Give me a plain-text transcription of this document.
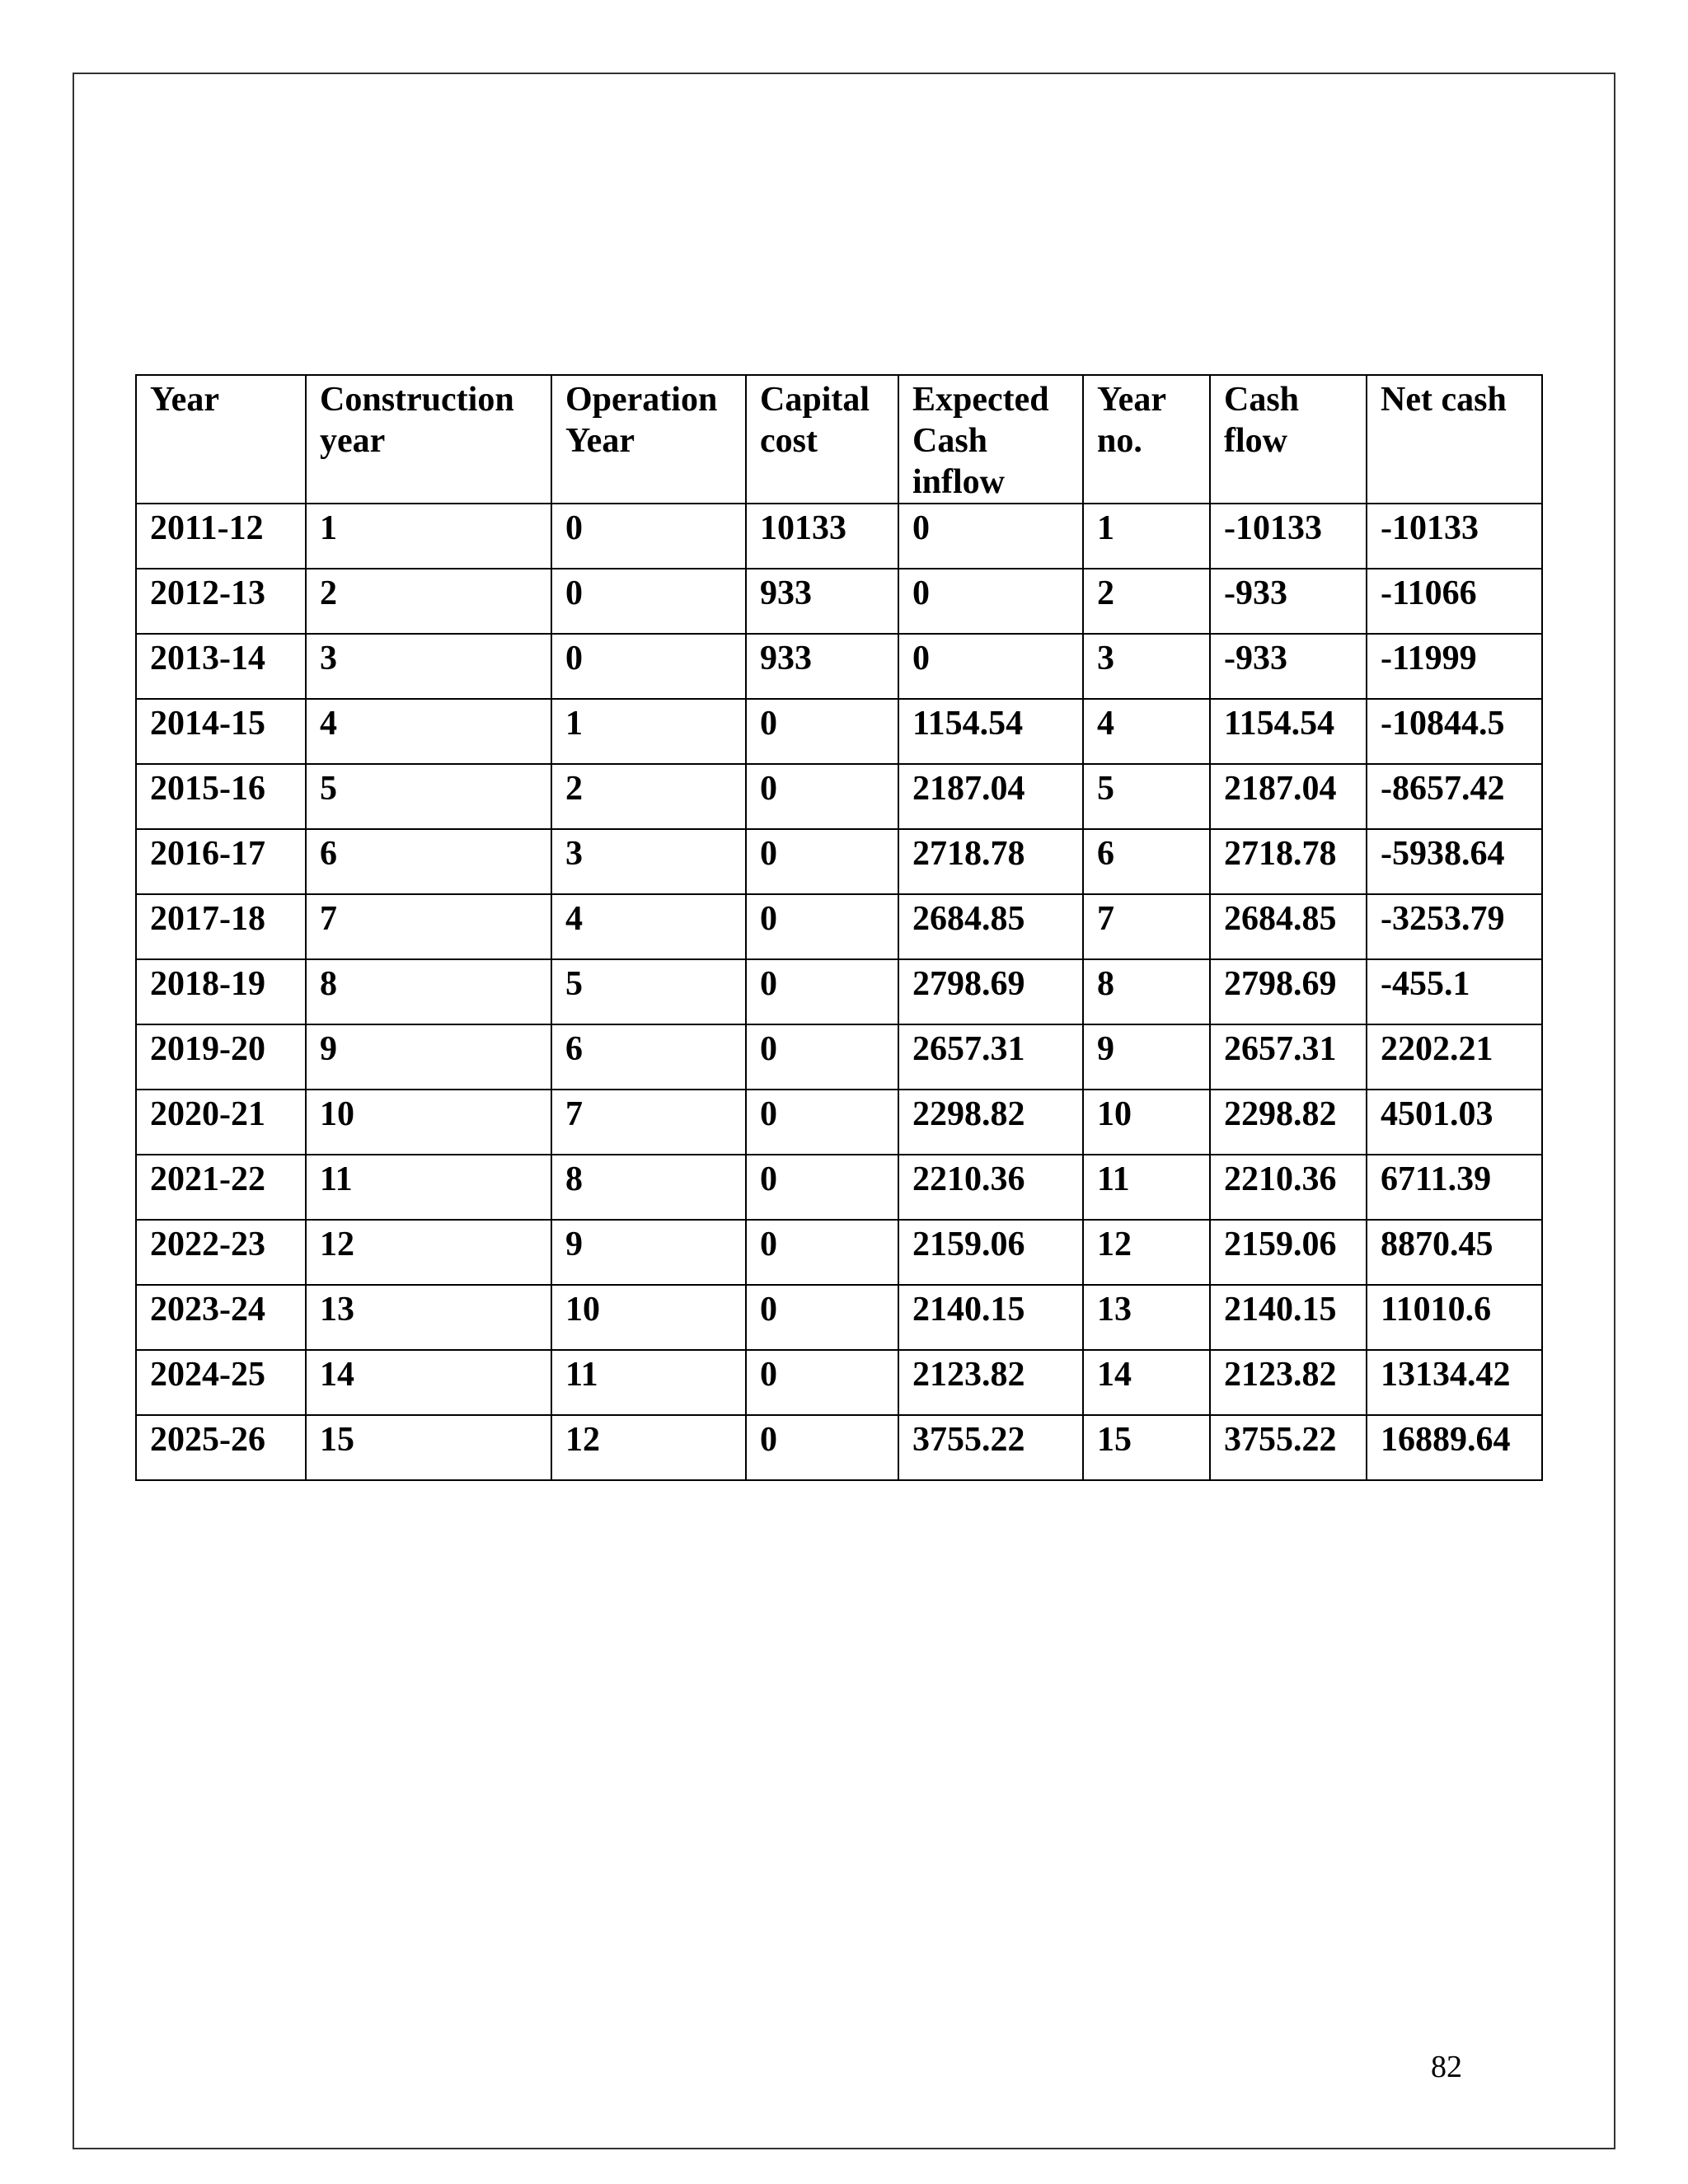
Year	Construction year	Operation Year	Capital cost	Expected Cash inflow	Year no.	Cash flow	Net cash
2011-12	1	0	10133	0	1	-10133	-10133
2012-13	2	0	933	0	2	-933	-11066
2013-14	3	0	933	0	3	-933	-11999
2014-15	4	1	0	1154.54	4	1154.54	-10844.5
2015-16	5	2	0	2187.04	5	2187.04	-8657.42
2016-17	6	3	0	2718.78	6	2718.78	-5938.64
2017-18	7	4	0	2684.85	7	2684.85	-3253.79
2018-19	8	5	0	2798.69	8	2798.69	-455.1
2019-20	9	6	0	2657.31	9	2657.31	2202.21
2020-21	10	7	0	2298.82	10	2298.82	4501.03
2021-22	11	8	0	2210.36	11	2210.36	6711.39
2022-23	12	9	0	2159.06	12	2159.06	8870.45
2023-24	13	10	0	2140.15	13	2140.15	11010.6
2024-25	14	11	0	2123.82	14	2123.82	13134.42
2025-26	15	12	0	3755.22	15	3755.22	16889.64
82
